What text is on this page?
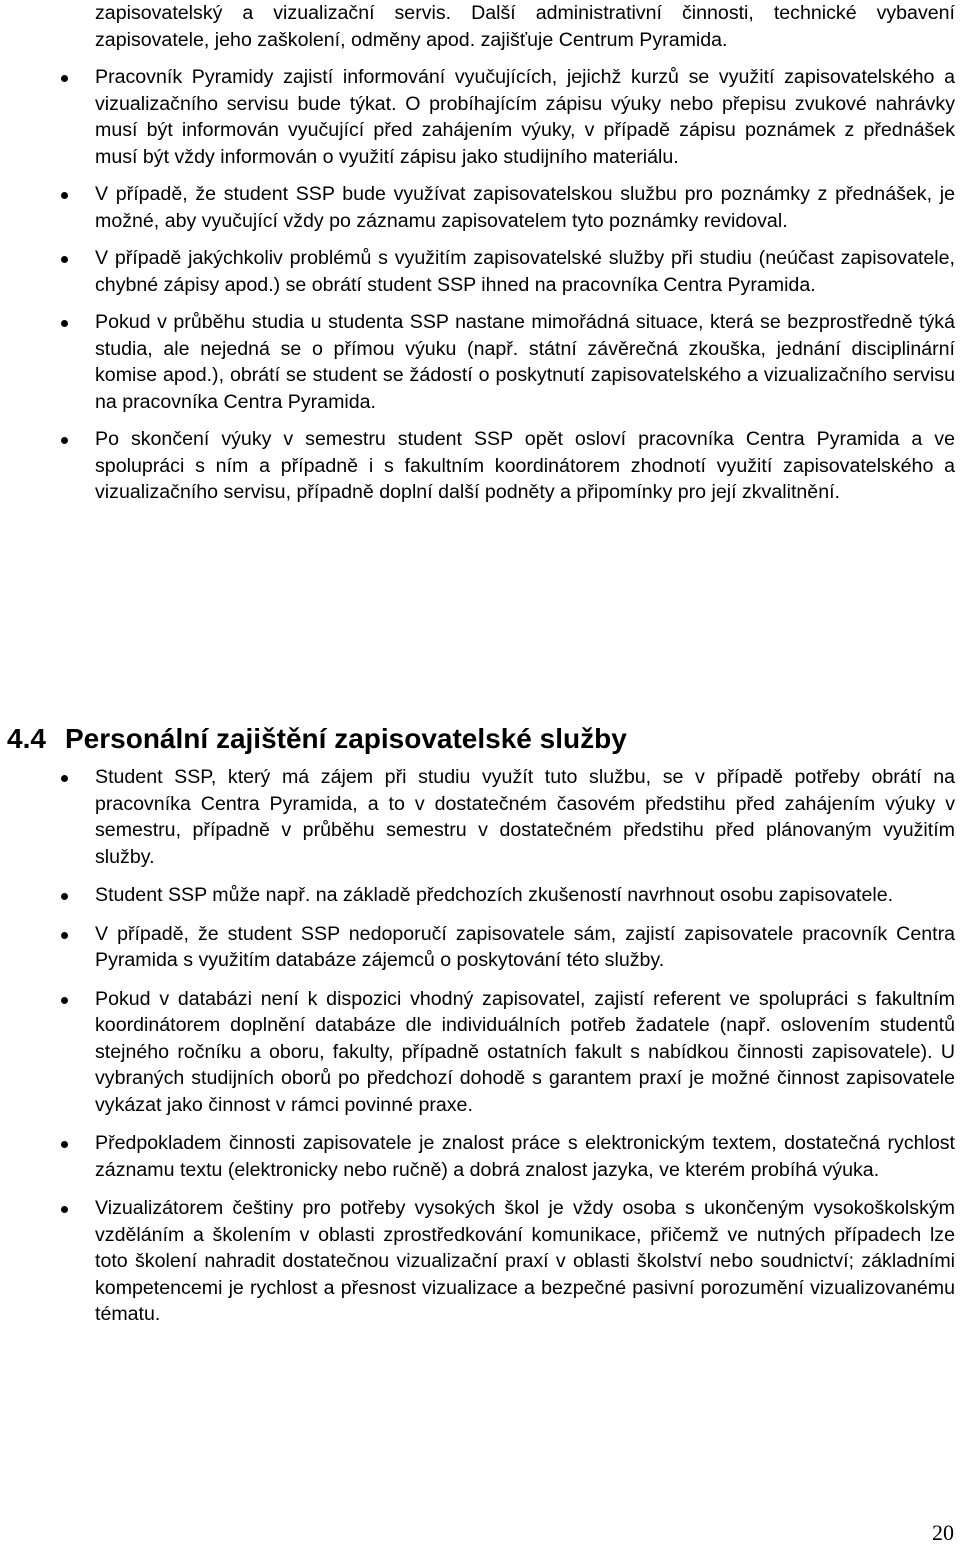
zapisovatelský a vizualizační servis. Další administrativní činnosti, technické vybavení zapisovatele, jeho zaškolení, odměny apod. zajišťuje Centrum Pyramida.
Pracovník Pyramidy zajistí informování vyučujících, jejichž kurzů se využití zapisovatelského a vizualizačního servisu bude týkat. O probíhajícím zápisu výuky nebo přepisu zvukové nahrávky musí být informován vyučující před zahájením výuky, v případě zápisu poznámek z přednášek musí být vždy informován o využití zápisu jako studijního materiálu.
V případě, že student SSP bude využívat zapisovatelskou službu pro poznámky z přednášek, je možné, aby vyučující vždy po záznamu zapisovatelem tyto poznámky revidoval.
V případě jakýchkoliv problémů s využitím zapisovatelské služby při studiu (neúčast zapisovatele, chybné zápisy apod.) se obrátí student SSP ihned na pracovníka Centra Pyramida.
Pokud v průběhu studia u studenta SSP nastane mimořádná situace, která se bezprostředně týká studia, ale nejedná se o přímou výuku (např. státní závěrečná zkouška, jednání disciplinární komise apod.), obrátí se student se žádostí o poskytnutí zapisovatelského a vizualizačního servisu na pracovníka Centra Pyramida.
Po skončení výuky v semestru student SSP opět osloví pracovníka Centra Pyramida a ve spolupráci s ním a případně i s fakultním koordinátorem zhodnotí využití zapisovatelského a vizualizačního servisu, případně doplní další podněty a připomínky pro její zkvalitnění.
4.4 Personální zajištění zapisovatelské služby
Student SSP, který má zájem při studiu využít tuto službu, se v případě potřeby obrátí na pracovníka Centra Pyramida, a to v dostatečném časovém předstihu před zahájením výuky v semestru, případně v průběhu semestru v dostatečném předstihu před plánovaným využitím služby.
Student SSP může např. na základě předchozích zkušeností navrhnout osobu zapisovatele.
V případě, že student SSP nedoporučí zapisovatele sám, zajistí zapisovatele pracovník Centra Pyramida s využitím databáze zájemců o poskytování této služby.
Pokud v databázi není k dispozici vhodný zapisovatel, zajistí referent ve spolupráci s fakultním koordinátorem doplnění databáze dle individuálních potřeb žadatele (např. oslovením studentů stejného ročníku a oboru, fakulty, případně ostatních fakult s nabídkou činnosti zapisovatele). U vybraných studijních oborů po předchozí dohodě s garantem praxí je možné činnost zapisovatele vykázat jako činnost v rámci povinné praxe.
Předpokladem činnosti zapisovatele je znalost práce s elektronickým textem, dostatečná rychlost záznamu textu (elektronicky nebo ručně) a dobrá znalost jazyka, ve kterém probíhá výuka.
Vizualizátorem češtiny pro potřeby vysokých škol je vždy osoba s ukončeným vysokoškolským vzděláním a školením v oblasti zprostředkování komunikace, přičemž ve nutných případech lze toto školení nahradit dostatečnou vizualizační praxí v oblasti školství nebo soudnictví; základními kompetencemi je rychlost a přesnost vizualizace a bezpečné pasivní porozumění vizualizovanému tématu.
20
